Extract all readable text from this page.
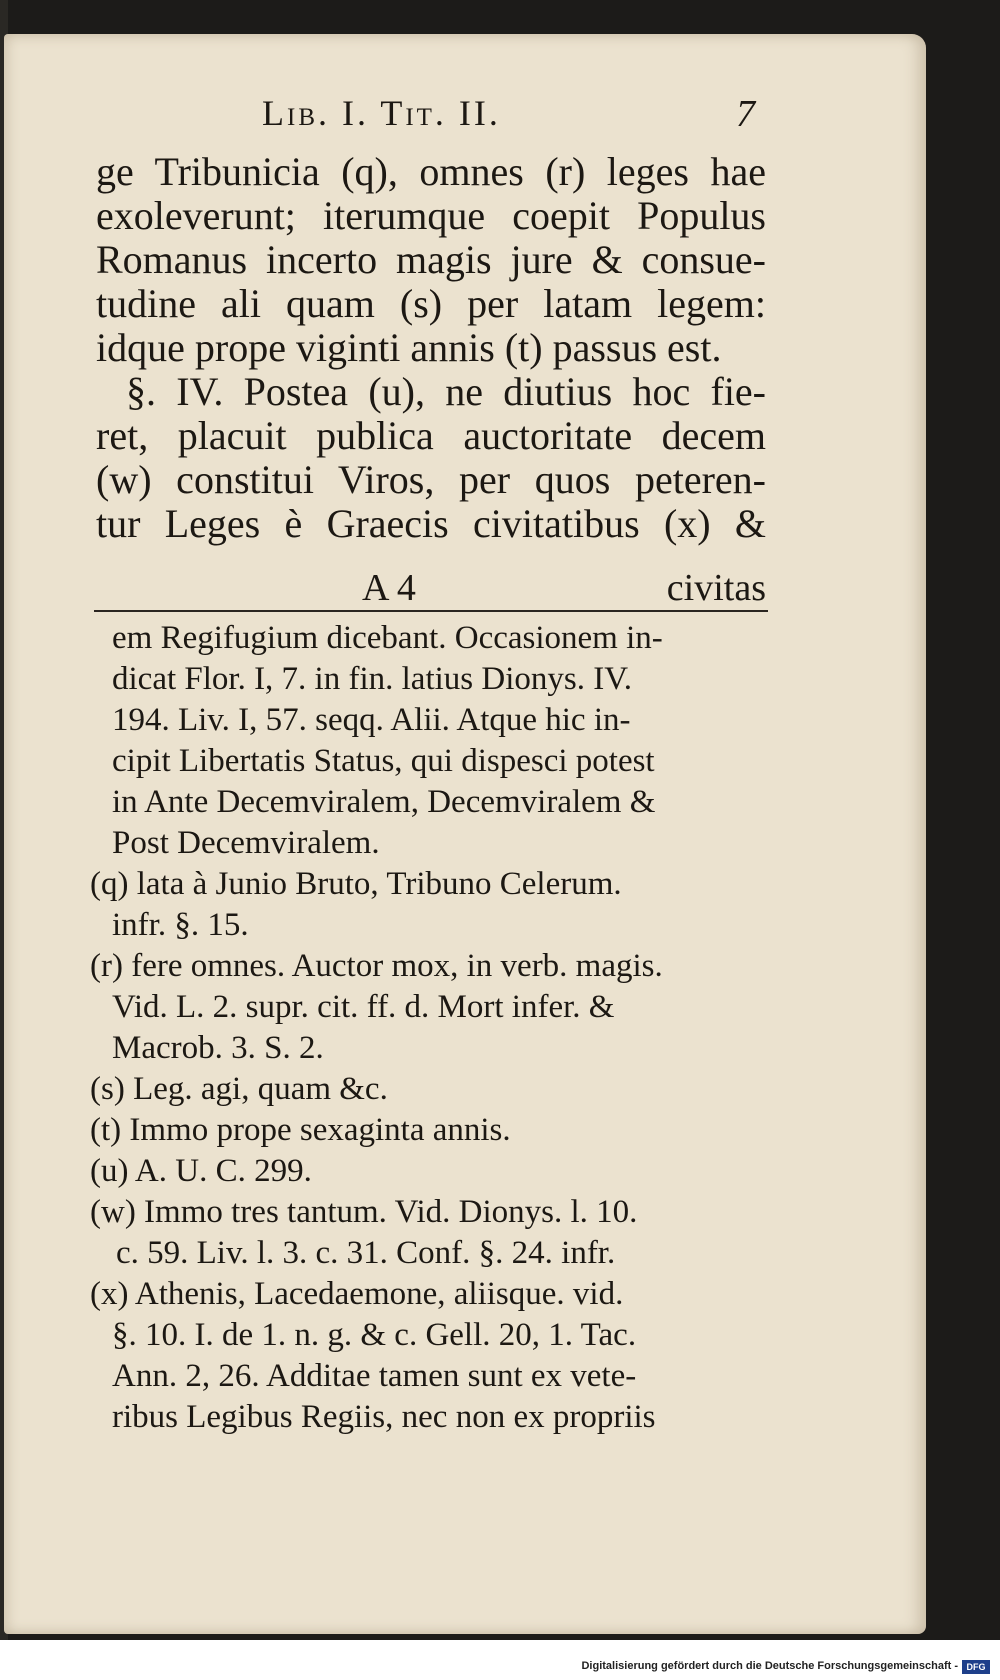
Lib. I. Tit. II.	7
ge Tribunicia (q), omnes (r) leges hae
exoleverunt; iterumque coepit Populus
Romanus incerto magis jure & consue-
tudine ali quam (s) per latam legem:
idque prope viginti annis (t) passus est.
§. IV. Postea (u), ne diutius hoc fie-
ret, placuit publica auctoritate decem
(w) constitui Viros, per quos peteren-
tur Leges è Graecis civitatibus (x) &
A 4	civitas
em Regifugium dicebant. Occasionem in-
dicat Flor. I, 7. in fin. latius Dionys. IV.
194. Liv. I, 57. seqq. Alii. Atque hic in-
cipit Libertatis Status, qui dispesci potest
in Ante Decemviralem, Decemviralem &
Post Decemviralem.
(q) lata à Junio Bruto, Tribuno Celerum.
infr. §. 15.
(r) fere omnes. Auctor mox, in verb. magis.
Vid. L. 2. supr. cit. ff. d. Mort infer. &
Macrob. 3. S. 2.
(s) Leg. agi, quam &c.
(t) Immo prope sexaginta annis.
(u) A. U. C. 299.
(w) Immo tres tantum. Vid. Dionys. l. 10.
c. 59. Liv. l. 3. c. 31. Conf. §. 24. infr.
(x) Athenis, Lacedaemone, aliisque. vid.
§. 10. I. de 1. n. g. & c. Gell. 20, 1. Tac.
Ann. 2, 26. Additae tamen sunt ex vete-
ribus Legibus Regiis, nec non ex propriis
Digitalisierung gefördert durch die Deutsche Forschungsgemeinschaft - DFG
